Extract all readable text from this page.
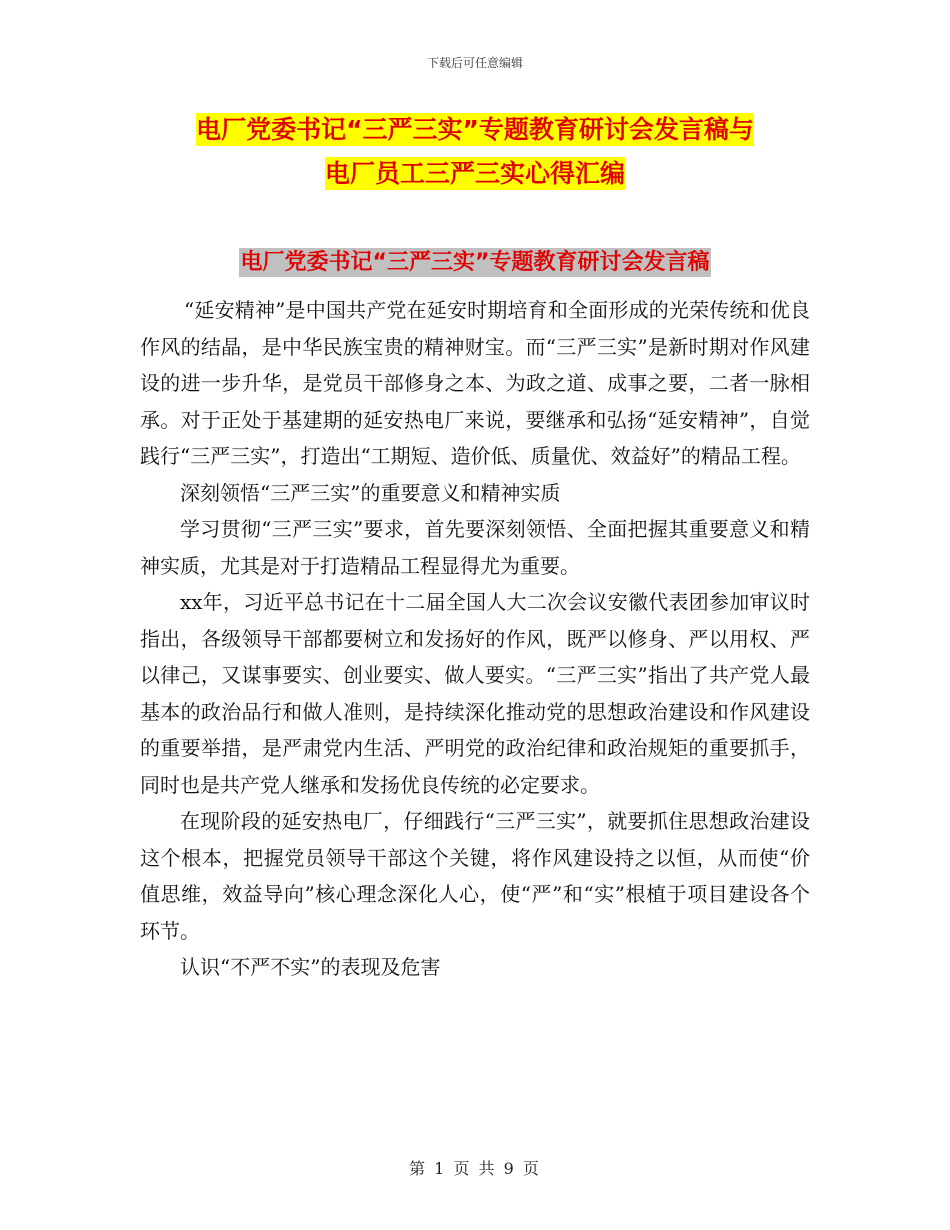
下载后可任意编辑
电厂党委书记“三严三实”专题教育研讨会发言稿与
电厂员工三严三实心得汇编
电厂党委书记“三严三实”专题教育研讨会发言稿

“延安精神”是中国共产党在延安时期培育和全面形成的光荣传统和优良作风的结晶，是中华民族宝贵的精神财宝。而“三严三实”是新时期对作风建设的进一步升华，是党员干部修身之本、为政之道、成事之要，二者一脉相承。对于正处于基建期的延安热电厂来说，要继承和弘扬“延安精神”，自觉践行“三严三实”，打造出“工期短、造价低、质量优、效益好”的精品工程。

深刻领悟“三严三实”的重要意义和精神实质

学习贯彻“三严三实”要求，首先要深刻领悟、全面把握其重要意义和精神实质，尤其是对于打造精品工程显得尤为重要。

xx年，习近平总书记在十二届全国人大二次会议安徽代表团参加审议时指出，各级领导干部都要树立和发扬好的作风，既严以修身、严以用权、严以律己，又谋事要实、创业要实、做人要实。“三严三实”指出了共产党人最基本的政治品行和做人准则，是持续深化推动党的思想政治建设和作风建设的重要举措，是严肃党内生活、严明党的政治纪律和政治规矩的重要抓手，同时也是共产党人继承和发扬优良传统的必定要求。

在现阶段的延安热电厂，仔细践行“三严三实”，就要抓住思想政治建设这个根本，把握党员领导干部这个关键，将作风建设持之以恒，从而使“价值思维，效益导向”核心理念深化人心，使“严”和“实”根植于项目建设各个环节。

认识“不严不实”的表现及危害

第 1 页 共 9 页
